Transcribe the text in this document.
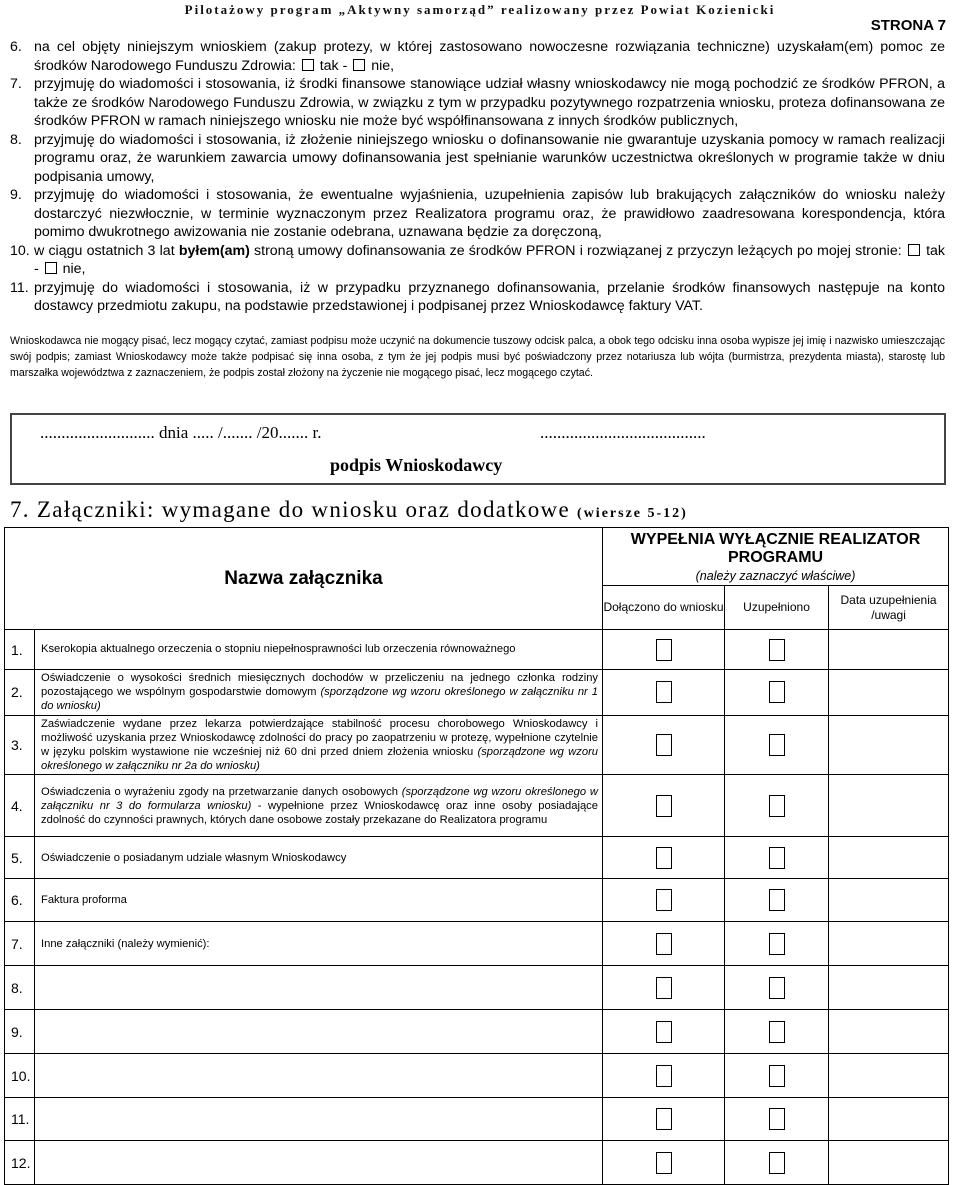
Pilotażowy program „Aktywny samorząd” realizowany przez Powiat Kozienicki
STRONA 7
6. na cel objęty niniejszym wnioskiem (zakup protezy, w której zastosowano nowoczesne rozwiązania techniczne) uzyskałam(em) pomoc ze środków Narodowego Funduszu Zdrowia:  tak -  nie,
7. przyjmuję do wiadomości i stosowania, iż środki finansowe stanowiące udział własny wnioskodawcy nie mogą pochodzić ze środków PFRON, a także ze środków Narodowego Funduszu Zdrowia, w związku z tym w przypadku pozytywnego rozpatrzenia wniosku, proteza dofinansowana ze środków PFRON w ramach niniejszego wniosku nie może być współfinansowana z innych środków publicznych,
8. przyjmuję do wiadomości i stosowania, iż złożenie niniejszego wniosku o dofinansowanie nie gwarantuje uzyskania pomocy w ramach realizacji programu oraz, że warunkiem zawarcia umowy dofinansowania jest spełnianie warunków uczestnictwa określonych w programie także w dniu podpisania umowy,
9. przyjmuję do wiadomości i stosowania, że ewentualne wyjaśnienia, uzupełnienia zapisów lub brakujących załączników do wniosku należy dostarczyć niezwłocznie, w terminie wyznaczonym przez Realizatora programu oraz, że prawidłowo zaadresowana korespondencja, która pomimo dwukrotnego awizowania nie zostanie odebrana, uznawana będzie za doręczoną,
10. w ciągu ostatnich 3 lat byłem(am) stroną umowy dofinansowania ze środków PFRON i rozwiązanej z przyczyn leżących po mojej stronie:  tak -  nie,
11. przyjmuję do wiadomości i stosowania, iż w przypadku przyznanego dofinansowania, przelanie środków finansowych następuje na konto dostawcy przedmiotu zakupu, na podstawie przedstawionej i podpisanej przez Wnioskodawcę faktury VAT.
Wnioskodawca nie mogący pisać, lecz mogący czytać, zamiast podpisu może uczynić na dokumencie tuszowy odcisk palca, a obok tego odcisku inna osoba wypisze jej imię i nazwisko umieszczając swój podpis; zamiast Wnioskodawcy może także podpisać się inna osoba, z tym że jej podpis musi być poświadczony przez notariusza lub wójta (burmistrza, prezydenta miasta), starostę lub marszałka województwa z zaznaczeniem, że podpis został złożony na życzenie nie mogącego pisać, lecz mogącego czytać.
........................... dnia ..... /....... /20....... r.	.......................................
podpis Wnioskodawcy
7. Załączniki: wymagane do wniosku oraz dodatkowe (wiersze 5-12)
Nazwa załącznika		WYPEŁNIA WYŁĄCZNIE REALIZATOR PROGRAMU
(należy zaznaczyć właściwe)		

		Dołączono do wniosku	Uzupełniono	Data uzupełnienia /uwagi
1.	Kserokopia aktualnego orzeczenia o stopniu niepełnosprawności lub orzeczenia równoważnego			
2.	Oświadczenie o wysokości średnich miesięcznych dochodów w przeliczeniu na jednego członka rodziny pozostającego we wspólnym gospodarstwie domowym (sporządzone wg wzoru określonego w załączniku nr 1 do wniosku)			
3.	Zaświadczenie wydane przez lekarza potwierdzające stabilność procesu chorobowego Wnioskodawcy i możliwość uzyskania przez Wnioskodawcę zdolności do pracy po zaopatrzeniu w protezę, wypełnione czytelnie w języku polskim wystawione nie wcześniej niż 60 dni przed dniem złożenia wniosku (sporządzone wg wzoru określonego w załączniku nr 2a do wniosku)			
4.	Oświadczenia o wyrażeniu zgody na przetwarzanie danych osobowych (sporządzone wg wzoru określonego w załączniku nr 3 do formularza wniosku) - wypełnione przez Wnioskodawcę oraz inne osoby posiadające zdolność do czynności prawnych, których dane osobowe zostały przekazane do Realizatora programu			
5.	Oświadczenie o posiadanym udziale własnym Wnioskodawcy			
6.	Faktura proforma			
7.	Inne załączniki (należy wymienić):			
8.				
9.				
10.				
11.				
12.				
